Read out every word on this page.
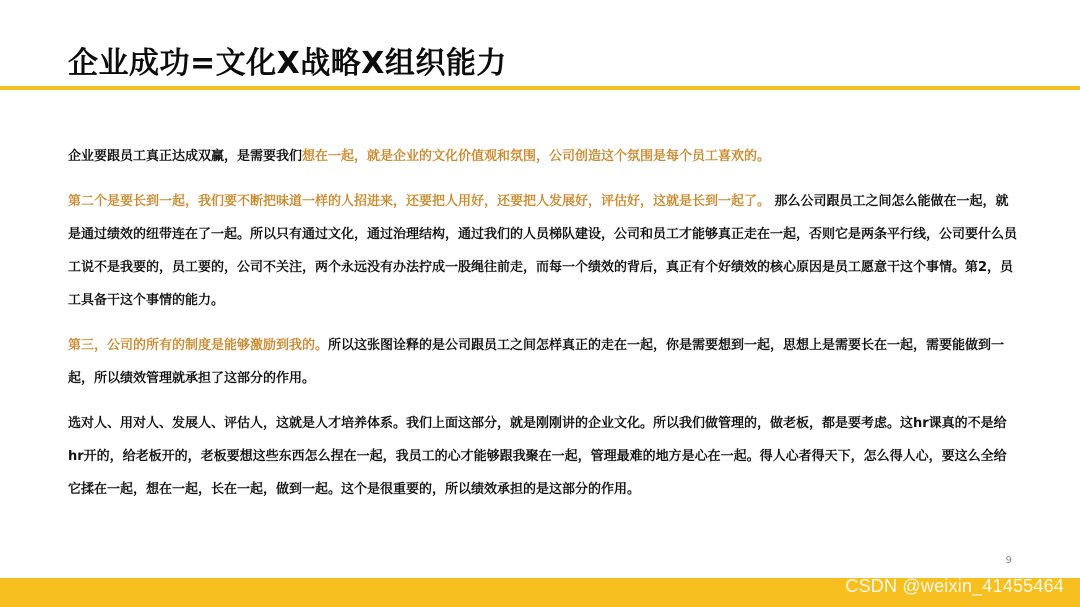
企业成功=文化X战略X组织能力

企业要跟员工真正达成双赢，是需要我们想在一起，就是企业的文化价值观和氛围，公司创造这个氛围是每个员工喜欢的。

第二个是要长到一起，我们要不断把味道一样的人招进来，还要把人用好，还要把人发展好，评估好，这就是长到一起了。 那么公司跟员工之间怎么能做在一起，就是通过绩效的纽带连在了一起。所以只有通过文化，通过治理结构，通过我们的人员梯队建设，公司和员工才能够真正走在一起，否则它是两条平行线，公司要什么员工说不是我要的，员工要的，公司不关注，两个永远没有办法拧成一股绳往前走，而每一个绩效的背后，真正有个好绩效的核心原因是员工愿意干这个事情。第2，员工具备干这个事情的能力。

第三，公司的所有的制度是能够激励到我的。所以这张图诠释的是公司跟员工之间怎样真正的走在一起，你是需要想到一起，思想上是需要长在一起，需要能做到一起，所以绩效管理就承担了这部分的作用。

选对人、用对人、发展人、评估人，这就是人才培养体系。我们上面这部分，就是刚刚讲的企业文化。所以我们做管理的，做老板，都是要考虑。这hr课真的不是给hr开的，给老板开的，老板要想这些东西怎么捏在一起，我员工的心才能够跟我聚在一起，管理最难的地方是心在一起。得人心者得天下，怎么得人心，要这么全给它揉在一起，想在一起，长在一起，做到一起。这个是很重要的，所以绩效承担的是这部分的作用。

9
CSDN @weixin_41455464
